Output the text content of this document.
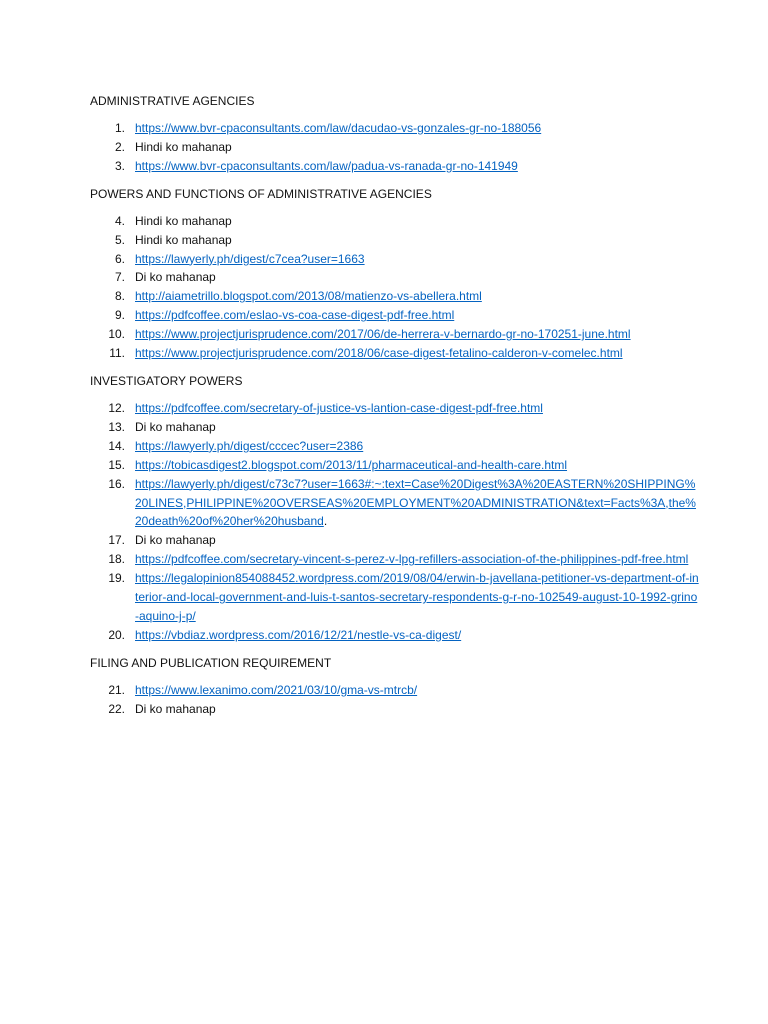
ADMINISTRATIVE AGENCIES
1. https://www.bvr-cpaconsultants.com/law/dacudao-vs-gonzales-gr-no-188056
2. Hindi ko mahanap
3. https://www.bvr-cpaconsultants.com/law/padua-vs-ranada-gr-no-141949
POWERS AND FUNCTIONS OF ADMINISTRATIVE AGENCIES
4. Hindi ko mahanap
5. Hindi ko mahanap
6. https://lawyerly.ph/digest/c7cea?user=1663
7. Di ko mahanap
8. http://aiametrillo.blogspot.com/2013/08/matienzo-vs-abellera.html
9. https://pdfcoffee.com/eslao-vs-coa-case-digest-pdf-free.html
10. https://www.projectjurisprudence.com/2017/06/de-herrera-v-bernardo-gr-no-170251-june.html
11. https://www.projectjurisprudence.com/2018/06/case-digest-fetalino-calderon-v-comelec.html
INVESTIGATORY POWERS
12. https://pdfcoffee.com/secretary-of-justice-vs-lantion-case-digest-pdf-free.html
13. Di ko mahanap
14. https://lawyerly.ph/digest/cccec?user=2386
15. https://tobicasdigest2.blogspot.com/2013/11/pharmaceutical-and-health-care.html
16. https://lawyerly.ph/digest/c73c7?user=1663#:~:text=Case%20Digest%3A%20EASTERN%20SHIPPING%20LINES,PHILIPPINE%20OVERSEAS%20EMPLOYMENT%20ADMINISTRATION&text=Facts%3A,the%20death%20of%20her%20husband.
17. Di ko mahanap
18. https://pdfcoffee.com/secretary-vincent-s-perez-v-lpg-refillers-association-of-the-philippines-pdf-free.html
19. https://legalopinion854088452.wordpress.com/2019/08/04/erwin-b-javellana-petitioner-vs-department-of-interior-and-local-government-and-luis-t-santos-secretary-respondents-g-r-no-102549-august-10-1992-grino-aquino-j-p/
20. https://vbdiaz.wordpress.com/2016/12/21/nestle-vs-ca-digest/
FILING AND PUBLICATION REQUIREMENT
21. https://www.lexanimo.com/2021/03/10/gma-vs-mtrcb/
22. Di ko mahanap
